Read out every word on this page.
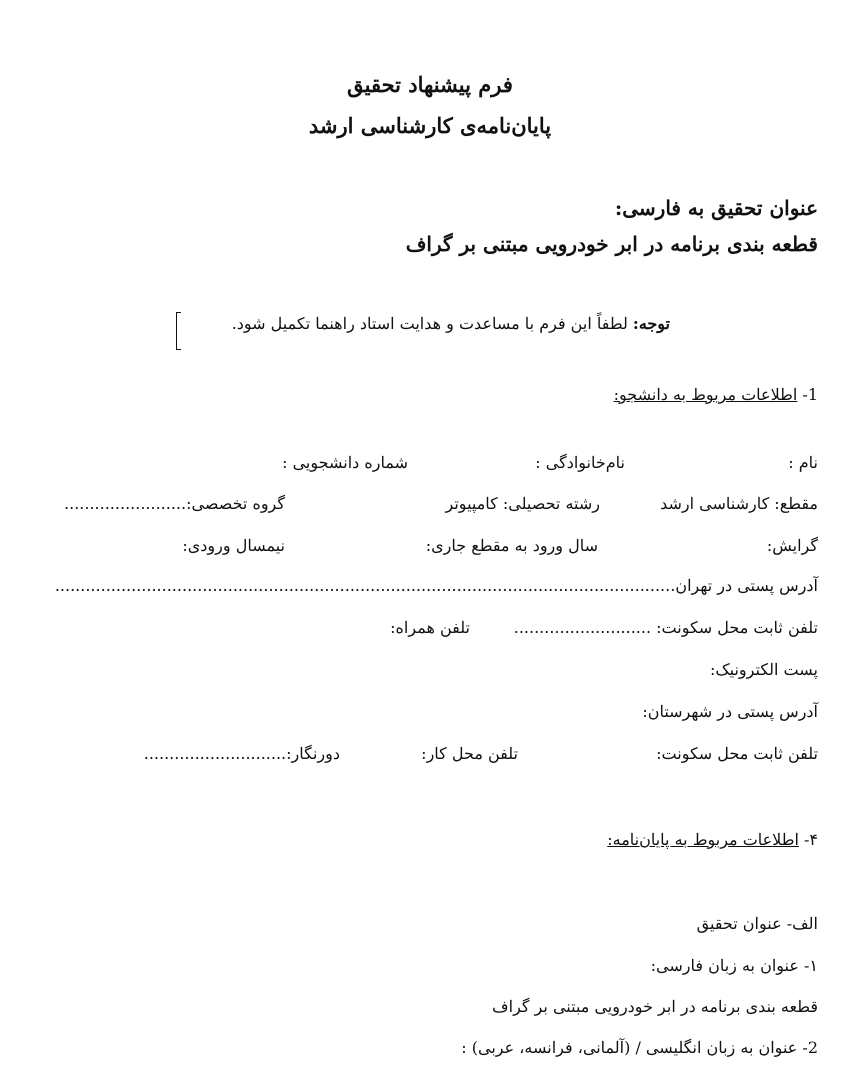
فرم پیشنهاد تحقیق
پایان‌نامه‌ی کارشناسی ارشد
عنوان تحقیق به فارسی:
قطعه بندی برنامه در ابر خودرویی مبتنی بر گراف
توجه: لطفاً این فرم با مساعدت و هدایت استاد راهنما تکمیل شود.
1- اطلاعات مربوط به دانشجو:
نام :
نام‌خانوادگی :
شماره دانشجویی :
مقطع: کارشناسی ارشد
رشته تحصیلی: کامپیوتر
گروه تخصصی:........................
گرایش:
سال ورود به مقطع جاری:
نیمسال ورودی:
آدرس پستی در تهران..........................................................................................................................
تلفن ثابت محل سکونت: ...........................
تلفن همراه:
پست الکترونیک:
آدرس پستی در شهرستان:
تلفن ثابت محل سکونت:
تلفن محل کار:
دورنگار:............................
۴- اطلاعات مربوط به پایان‌نامه:
الف- عنوان تحقیق
۱- عنوان به زبان فارسی:
قطعه بندی برنامه در ابر خودرویی مبتنی بر گراف
2- عنوان به زبان انگلیسی / (آلمانی، فرانسه، عربی) :
